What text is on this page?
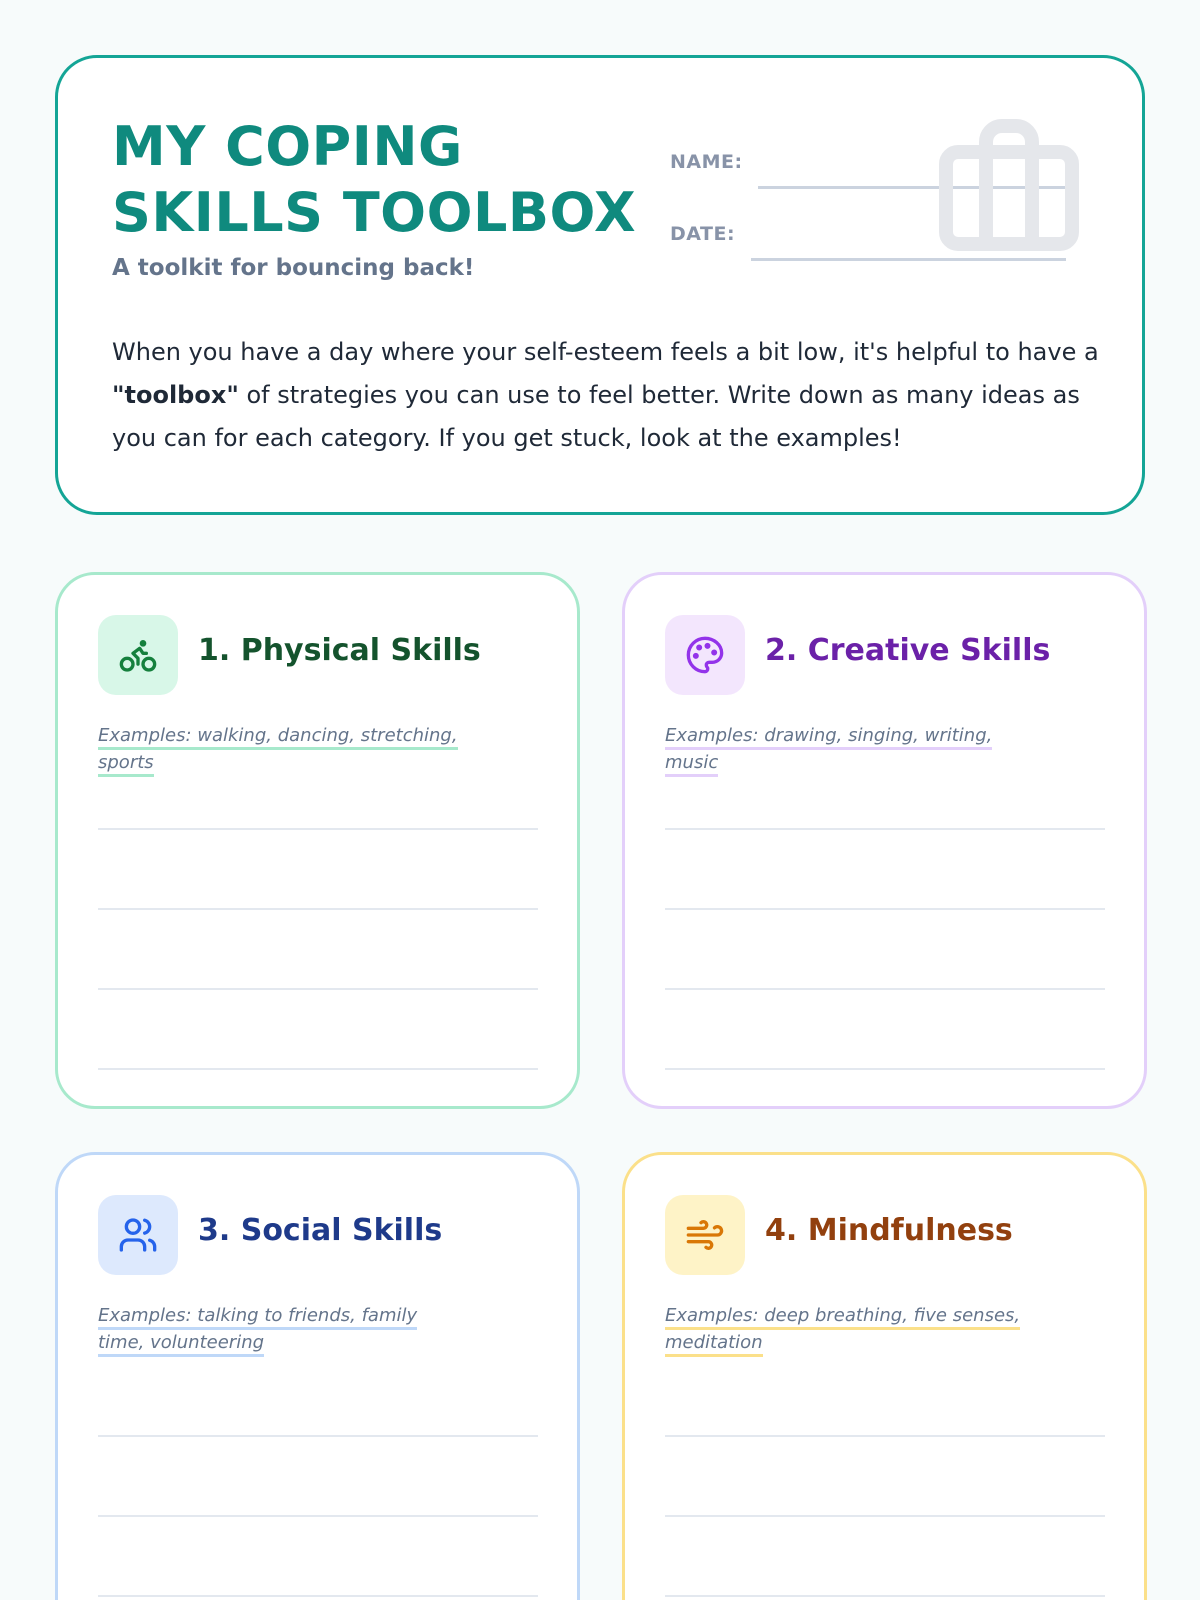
MY COPING SKILLS TOOLBOX
A toolkit for bouncing back!
NAME:
DATE:
When you have a day where your self-esteem feels a bit low, it's helpful to have a "toolbox" of strategies you can use to feel better. Write down as many ideas as you can for each category. If you get stuck, look at the examples!
1. Physical Skills
Examples: walking, dancing, stretching, sports
2. Creative Skills
Examples: drawing, singing, writing, music
3. Social Skills
Examples: talking to friends, family time, volunteering
4. Mindfulness
Examples: deep breathing, five senses, meditation
